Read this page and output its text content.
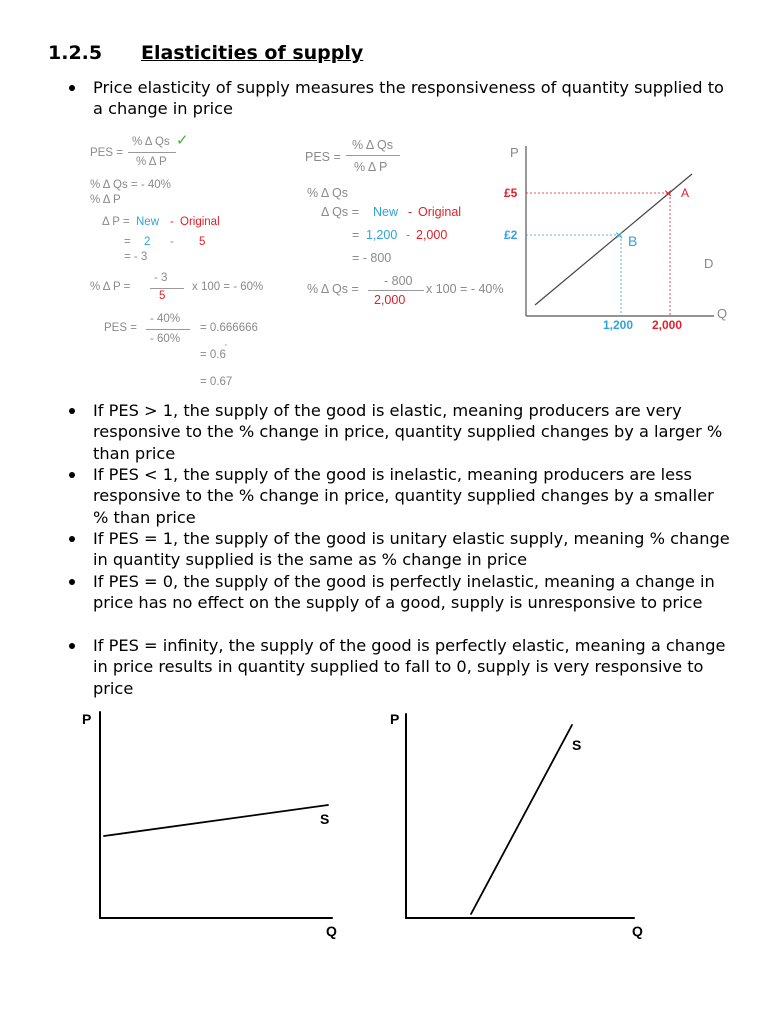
1.2.5 Elasticities of supply
Price elasticity of supply measures the responsiveness of quantity supplied to a change in price
PES =
% Δ Qs ✓
% Δ P
% Δ Qs = - 40%
% Δ P
Δ P = New - Original
= 2 - 5
= - 3
% Δ P =
- 3
5
x 100 = - 60%
PES =
- 40%
- 60%
= 0.666666
= 0.6
·
= 0.67
PES =
% Δ Qs
% Δ P
% Δ Qs
Δ Qs = New - Original
= 1,200 - 2,000
= - 800
% Δ Qs =
- 800
2,000
x 100 = - 40%
P
Q
× A
× B
£5
£2
D
1,200 2,000
If PES > 1, the supply of the good is elastic, meaning producers are very responsive to the % change in price, quantity supplied changes by a larger % than price
If PES < 1, the supply of the good is inelastic, meaning producers are less responsive to the % change in price, quantity supplied changes by a smaller % than price
If PES = 1, the supply of the good is unitary elastic supply, meaning % change in quantity supplied is the same as % change in price
If PES = 0, the supply of the good is perfectly inelastic, meaning a change in price has no effect on the supply of a good, supply is unresponsive to price
If PES = infinity, the supply of the good is perfectly elastic, meaning a change in price results in quantity supplied to fall to 0, supply is very responsive to price
P
Q
S
P
Q
S
